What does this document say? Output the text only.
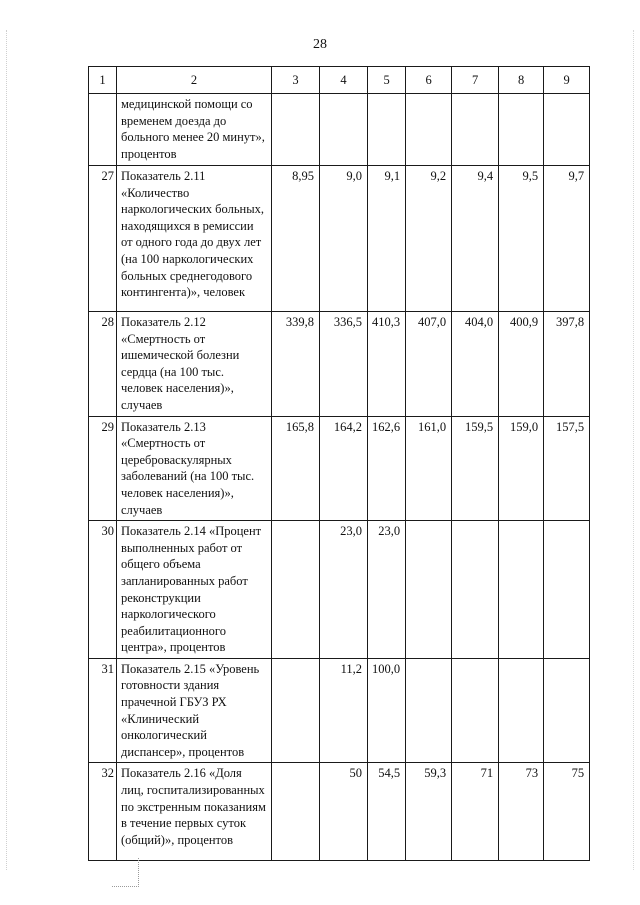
28
1	2	3	4	5	6	7	8	9
	медицинской помощи со временем доезда до больного менее 20 минут», процентов							
27	Показатель 2.11 «Количество наркологических больных, находящихся в ремиссии от одного года до двух лет (на 100 наркологических больных среднегодового контингента)», человек	8,95	9,0	9,1	9,2	9,4	9,5	9,7
28	Показатель 2.12 «Смертность от ишемической болезни сердца (на 100 тыс. человек населения)», случаев	339,8	336,5	410,3	407,0	404,0	400,9	397,8
29	Показатель 2.13 «Смертность от цереброваскулярных заболеваний (на 100 тыс. человек населения)», случаев	165,8	164,2	162,6	161,0	159,5	159,0	157,5
30	Показатель 2.14 «Процент выполненных работ от общего объема запланированных работ реконструкции наркологического реабилитационного центра», процентов		23,0	23,0				
31	Показатель 2.15 «Уровень готовности здания прачечной ГБУЗ РХ «Клинический онкологический диспансер», процентов		11,2	100,0				
32	Показатель 2.16 «Доля лиц, госпитализированных по экстренным показаниям в течение первых суток (общий)», процентов		50	54,5	59,3	71	73	75
